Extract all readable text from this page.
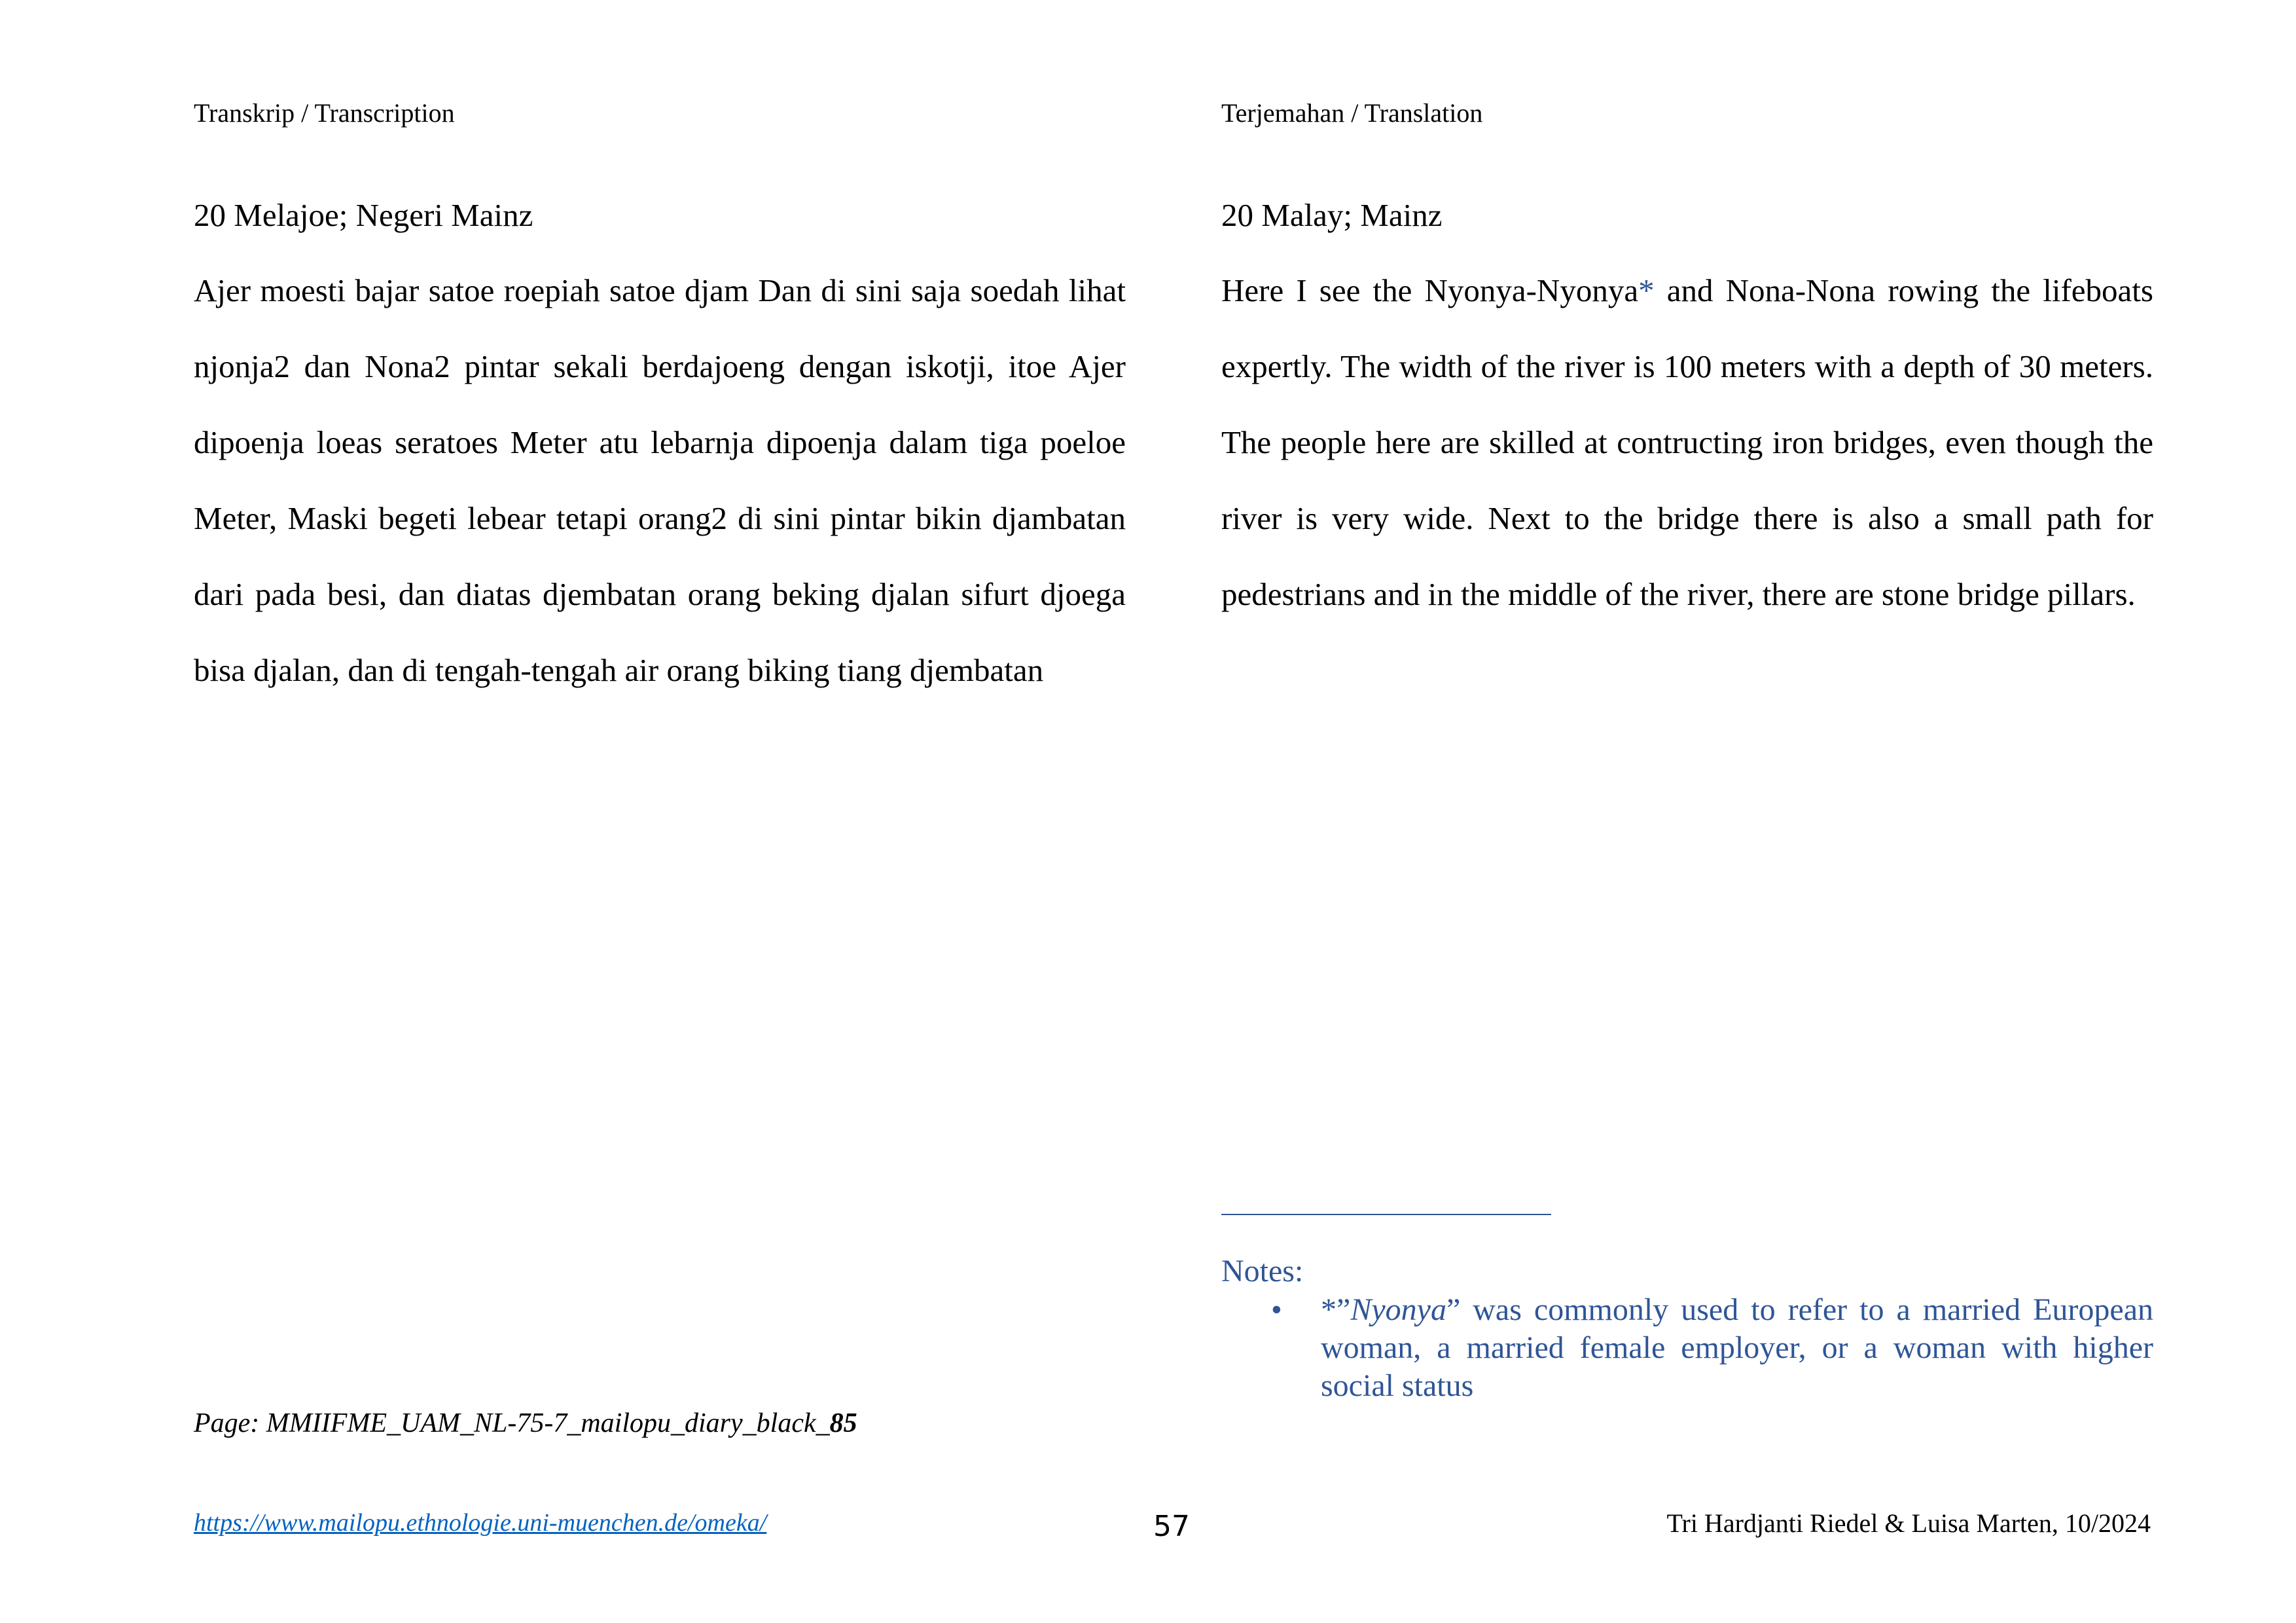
Transkrip / Transcription	Terjemahan / Translation

20 Melajoe; Negeri Mainz

Ajer moesti bajar satoe roepiah satoe djam Dan di sini saja soedah lihat njonja2 dan Nona2 pintar sekali berdajoeng dengan iskotji, itoe Ajer dipoenja loeas seratoes Meter atu lebarnja dipoenja dalam tiga poeloe Meter, Maski begeti lebear tetapi orang2 di sini pintar bikin djambatan dari pada besi, dan diatas djembatan orang beking djalan sifurt djoega bisa djalan, dan di tengah-tengah air orang biking tiang djembatan

20 Malay; Mainz

Here I see the Nyonya-Nyonya* and Nona-Nona rowing the lifeboats expertly. The width of the river is 100 meters with a depth of 30 meters. The people here are skilled at contructing iron bridges, even though the river is very wide. Next to the bridge there is also a small path for pedestrians and in the middle of the river, there are stone bridge pillars.

Notes:

• *”Nyonya” was commonly used to refer to a married European woman, a married female employer, or a woman with higher social status
Page: MMIIFME_UAM_NL-75-7_mailopu_diary_black_85
https://www.mailopu.ethnologie.uni-muenchen.de/omeka/	57	Tri Hardjanti Riedel & Luisa Marten, 10/2024
